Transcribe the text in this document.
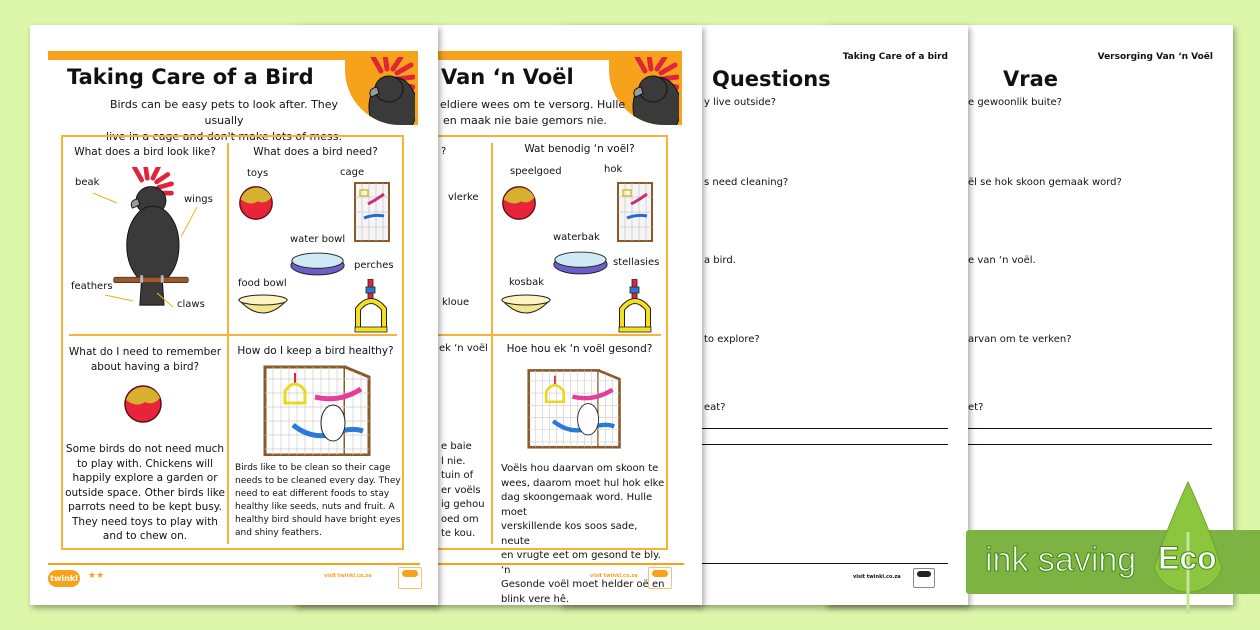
Versorging Van ‘n Voël
Vrae
e gewoonlik buite?
ël se hok skoon gemaak word?
e van ‘n voël.
arvan om te verken?
et?
Taking Care of a bird
Questions
y live outside?
s need cleaning?
a bird.
to explore?
eat?
visit twinkl.co.za
Van ‘n Voël
eldiere wees om te versorg. Hulle
en maak nie baie gemors nie.
?
vlerke
kloue
Wat benodig ‘n voël?
speelgoed	hok
waterbak
stellasies
kosbak
ek ‘n voël
e baie
l nie.
tuin of
er voëls
ig gehou
oed om
te kou.
Hoe hou ek ‘n voël gesond?
Voëls hou daarvan om skoon te
wees, daarom moet hul hok elke
dag skoongemaak word. Hulle moet
verskillende kos soos sade, neute
en vrugte eet om gesond te bly. ‘n
Gesonde voël moet helder oë en
blink vere hê.
visit twinkl.co.za
Taking Care of a Bird
Birds can be easy pets to look after. They usually
live in a cage and don't make lots of mess.
What does a bird look like?
beak
wings
feathers
claws
What does a bird need?
toys	cage
water bowl
perches
food bowl
What do I need to remember
about having a bird?
Some birds do not need much
to play with. Chickens will
happily explore a garden or
outside space. Other birds like
parrots need to be kept busy.
They need toys to play with
and to chew on.
How do I keep a bird healthy?
Birds like to be clean so their cage
needs to be cleaned every day. They
need to eat different foods to stay
healthy like seeds, nuts and fruit. A
healthy bird should have bright eyes
and shiny feathers.
twinkl ★★	visit twinkl.co.za	ink saving Eco
